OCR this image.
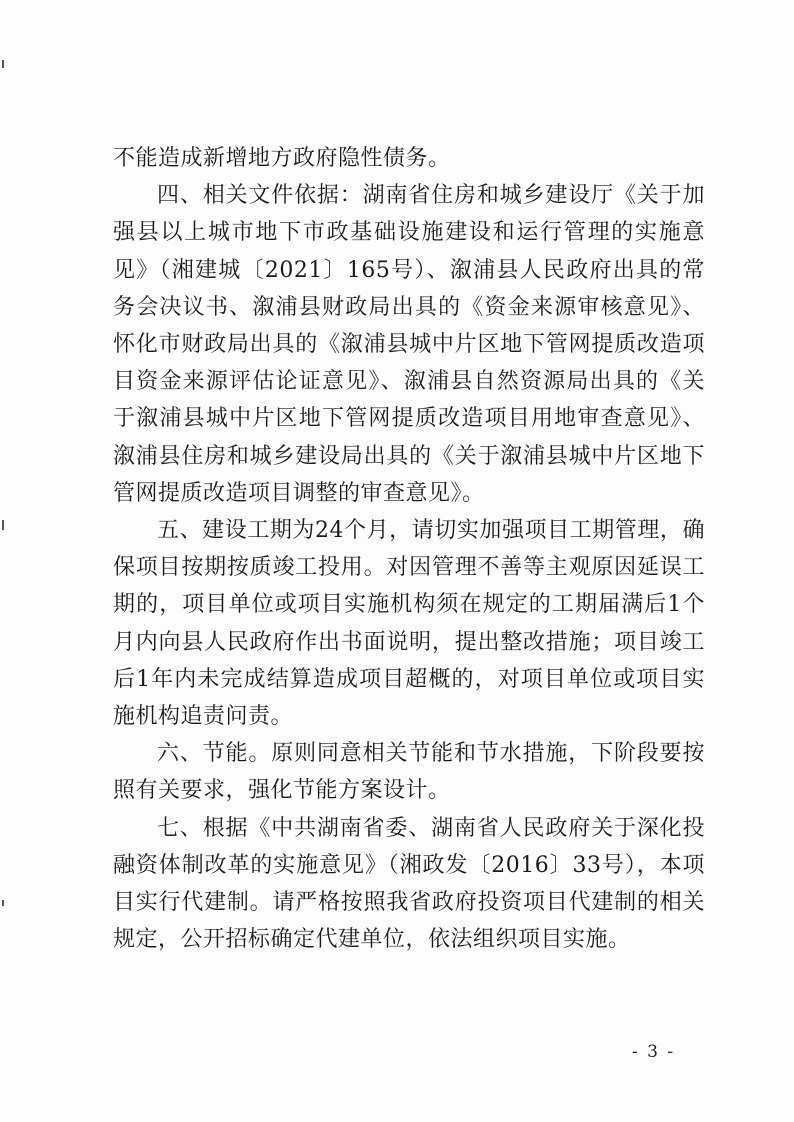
不能造成新增地方政府隐性债务。

四、相关文件依据：湖南省住房和城乡建设厅《关于加强县以上城市地下市政基础设施建设和运行管理的实施意见》（湘建城〔2021〕165号）、溆浦县人民政府出具的常务会决议书、溆浦县财政局出具的《资金来源审核意见》、怀化市财政局出具的《溆浦县城中片区地下管网提质改造项目资金来源评估论证意见》、溆浦县自然资源局出具的《关于溆浦县城中片区地下管网提质改造项目用地审查意见》、溆浦县住房和城乡建设局出具的《关于溆浦县城中片区地下管网提质改造项目调整的审查意见》。

五、建设工期为24个月，请切实加强项目工期管理，确保项目按期按质竣工投用。对因管理不善等主观原因延误工期的，项目单位或项目实施机构须在规定的工期届满后1个月内向县人民政府作出书面说明，提出整改措施；项目竣工后1年内未完成结算造成项目超概的，对项目单位或项目实施机构追责问责。

六、节能。原则同意相关节能和节水措施，下阶段要按照有关要求，强化节能方案设计。

七、根据《中共湖南省委、湖南省人民政府关于深化投融资体制改革的实施意见》（湘政发〔2016〕33号），本项目实行代建制。请严格按照我省政府投资项目代建制的相关规定，公开招标确定代建单位，依法组织项目实施。

- 3 -
